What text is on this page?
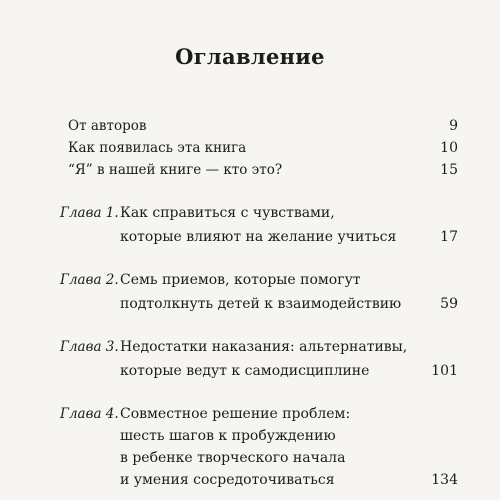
Оглавление
От авторов	9
Как появилась эта книга	10
“Я” в нашей книге — кто это?	15
Глава 1. Как справиться с чувствами,
которые влияют на желание учиться	17
Глава 2. Семь приемов, которые помогут
подтолкнуть детей к взаимодействию	59
Глава 3. Недостатки наказания: альтернативы,
которые ведут к самодисциплине	101
Глава 4. Совместное решение проблем:
шесть шагов к пробуждению
в ребенке творческого начала
и умения сосредоточиваться	134
